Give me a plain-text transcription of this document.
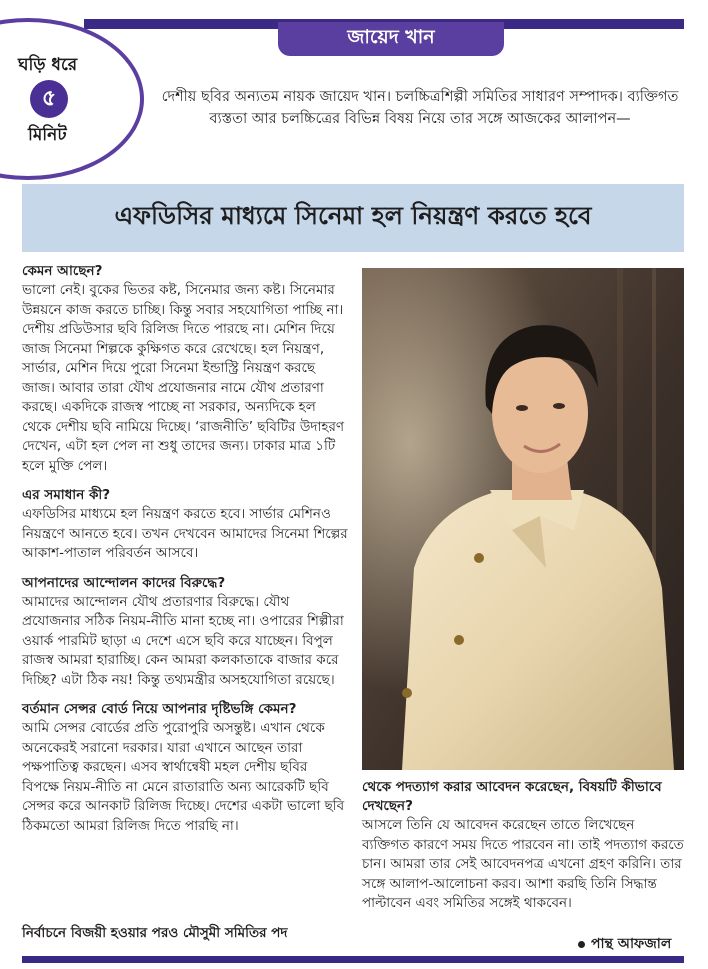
ঘড়ি ধরে
৫
মিনিট
জায়েদ খান

দেশীয় ছবির অন্যতম নায়ক জায়েদ খান। চলচ্চিত্রশিল্পী সমিতির সাধারণ সম্পাদক। ব্যক্তিগত ব্যস্ততা আর চলচ্চিত্রের বিভিন্ন বিষয় নিয়ে তার সঙ্গে আজকের আলাপন—

এফডিসির মাধ্যমে সিনেমা হল নিয়ন্ত্রণ করতে হবে
কেমন আছেন?

ভালো নেই। বুকের ভিতর কষ্ট, সিনেমার জন্য কষ্ট। সিনেমার উন্নয়নে কাজ করতে চাচ্ছি। কিন্তু সবার সহযোগিতা পাচ্ছি না। দেশীয় প্রডিউসার ছবি রিলিজ দিতে পারছে না। মেশিন দিয়ে জাজ সিনেমা শিল্পকে কুক্ষিগত করে রেখেছে। হল নিয়ন্ত্রণ, সার্ভার, মেশিন দিয়ে পুরো সিনেমা ইন্ডাস্ট্রি নিয়ন্ত্রণ করছে জাজ। আবার তারা যৌথ প্রযোজনার নামে যৌথ প্রতারণা করছে। একদিকে রাজস্ব পাচ্ছে না সরকার, অন্যদিকে হল থেকে দেশীয় ছবি নামিয়ে দিচ্ছে। ‘রাজনীতি’ ছবিটির উদাহরণ দেখেন, এটা হল পেল না শুধু তাদের জন্য। ঢাকার মাত্র ১টি হলে মুক্তি পেল।

এর সমাধান কী?

এফডিসির মাধ্যমে হল নিয়ন্ত্রণ করতে হবে। সার্ভার মেশিনও নিয়ন্ত্রণে আনতে হবে। তখন দেখবেন আমাদের সিনেমা শিল্পের আকাশ-পাতাল পরিবর্তন আসবে।

আপনাদের আন্দোলন কাদের বিরুদ্ধে?

আমাদের আন্দোলন যৌথ প্রতারণার বিরুদ্ধে। যৌথ প্রযোজনার সঠিক নিয়ম-নীতি মানা হচ্ছে না। ওপারের শিল্পীরা ওয়ার্ক পারমিট ছাড়া এ দেশে এসে ছবি করে যাচ্ছেন। বিপুল রাজস্ব আমরা হারাচ্ছি। কেন আমরা কলকাতাকে বাজার করে দিচ্ছি? এটা ঠিক নয়! কিন্তু তথ্যমন্ত্রীর অসহযোগিতা রয়েছে।

বর্তমান সেন্সর বোর্ড নিয়ে আপনার দৃষ্টিভঙ্গি কেমন?

আমি সেন্সর বোর্ডের প্রতি পুরোপুরি অসন্তুষ্ট। এখান থেকে অনেকেরই সরানো দরকার। যারা এখানে আছেন তারা পক্ষপাতিত্ব করছেন। এসব স্বার্থান্বেষী মহল দেশীয় ছবির বিপক্ষে নিয়ম-নীতি না মেনে রাতারাতি অন্য আরেকটি ছবি সেন্সর করে আনকাট রিলিজ দিচ্ছে। দেশের একটা ভালো ছবি ঠিকমতো আমরা রিলিজ দিতে পারছি না।

নির্বাচনে বিজয়ী হওয়ার পরও মৌসুমী সমিতির পদ
থেকে পদত্যাগ করার আবেদন করেছেন, বিষয়টি কীভাবে দেখছেন?

আসলে তিনি যে আবেদন করেছেন তাতে লিখেছেন ব্যক্তিগত কারণে সময় দিতে পারবেন না। তাই পদত্যাগ করতে চান। আমরা তার সেই আবেদনপত্র এখনো গ্রহণ করিনি। তার সঙ্গে আলাপ-আলোচনা করব। আশা করছি তিনি সিদ্ধান্ত পাল্টাবেন এবং সমিতির সঙ্গেই থাকবেন।

পান্থ আফজাল
